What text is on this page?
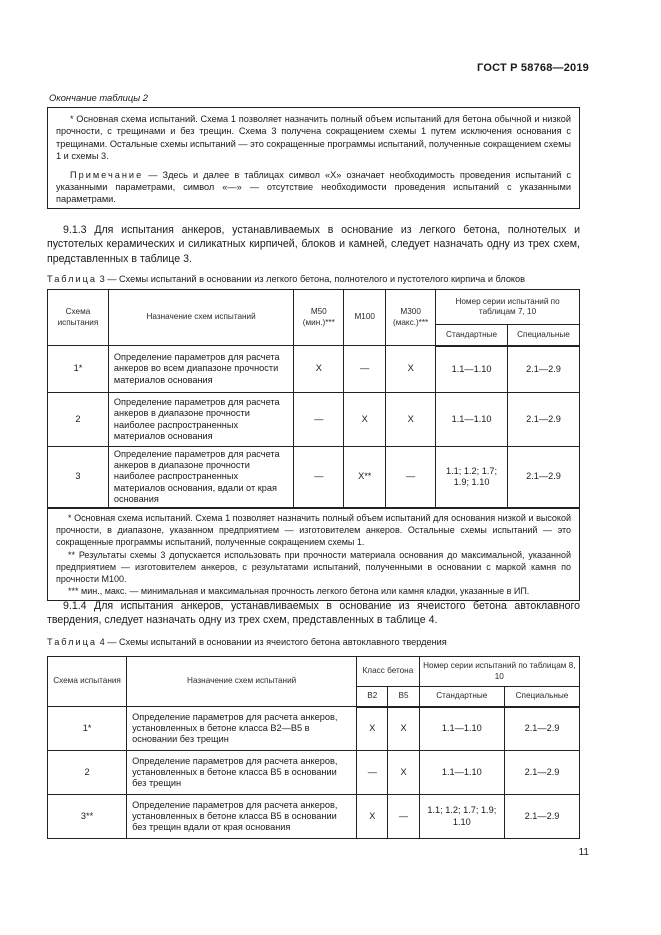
ГОСТ Р 58768—2019
Окончание таблицы 2

* Основная схема испытаний. Схема 1 позволяет назначить полный объем испытаний для бетона обычной и низкой прочности, с трещинами и без трещин. Схема 3 получена сокращением схемы 1 путем исключения основания с трещинами. Остальные схемы испытаний — это сокращенные программы испытаний, полученные сокращением схемы 1 и схемы 3.

Примечание — Здесь и далее в таблицах символ «Х» означает необходимость проведения испытаний с указанными параметрами, символ «—» — отсутствие необходимости проведения испытаний с указанными параметрами.

9.1.3 Для испытания анкеров, устанавливаемых в основание из легкого бетона, полнотелых и пустотелых керамических и силикатных кирпичей, блоков и камней, следует назначать одну из трех схем, представленных в таблице 3.

Таблица 3 — Схемы испытаний в основании из легкого бетона, полнотелого и пустотелого кирпича и блоков
Схема испытания	Назначение схем испытаний	М50 (мин.)***	М100	М300 (макс.)***	Номер серии испытаний по таблицам 7, 10	
					Стандартные	Специальные
1*	Определение параметров для расчета анкеров во всем диапазоне прочности материалов основания	X	—	X	1.1—1.10	2.1—2.9
2	Определение параметров для расчета анкеров в диапазоне прочности наиболее распространенных материалов основания	—	X	X	1.1—1.10	2.1—2.9
3	Определение параметров для расчета анкеров в диапазоне прочности наиболее распространенных материалов основания, вдали от края основания	—	X**	—	1.1; 1.2; 1.7; 1.9; 1.10	2.1—2.9

* Основная схема испытаний. Схема 1 позволяет назначить полный объем испытаний для основания низкой и высокой прочности, в диапазоне, указанном предприятием — изготовителем анкеров. Остальные схемы испытаний — это сокращенные программы испытаний, полученные сокращением схемы 1.

** Результаты схемы 3 допускается использовать при прочности материала основания до максимальной, указанной предприятием — изготовителем анкеров, с результатами испытаний, полученными в основании с маркой камня по прочности М100.

*** мин., макс. — минимальная и максимальная прочность легкого бетона или камня кладки, указанные в ИП.						

9.1.4 Для испытания анкеров, устанавливаемых в основание из ячеистого бетона автоклавного твердения, следует назначать одну из трех схем, представленных в таблице 4.

Таблица 4 — Схемы испытаний в основании из ячеистого бетона автоклавного твердения
Схема испытания	Назначение схем испытаний	Класс бетона		Номер серии испытаний по таблицам 8, 10	
		В2	В5	Стандартные	Специальные
1*	Определение параметров для расчета анкеров, установленных в бетоне класса В2—В5 в основании без трещин	X	X	1.1—1.10	2.1—2.9
2	Определение параметров для расчета анкеров, установленных в бетоне класса В5 в основании без трещин	—	X	1.1—1.10	2.1—2.9
3**	Определение параметров для расчета анкеров, установленных в бетоне класса В5 в основании без трещин вдали от края основания	X	—	1.1; 1.2; 1.7; 1.9; 1.10	2.1—2.9
11
